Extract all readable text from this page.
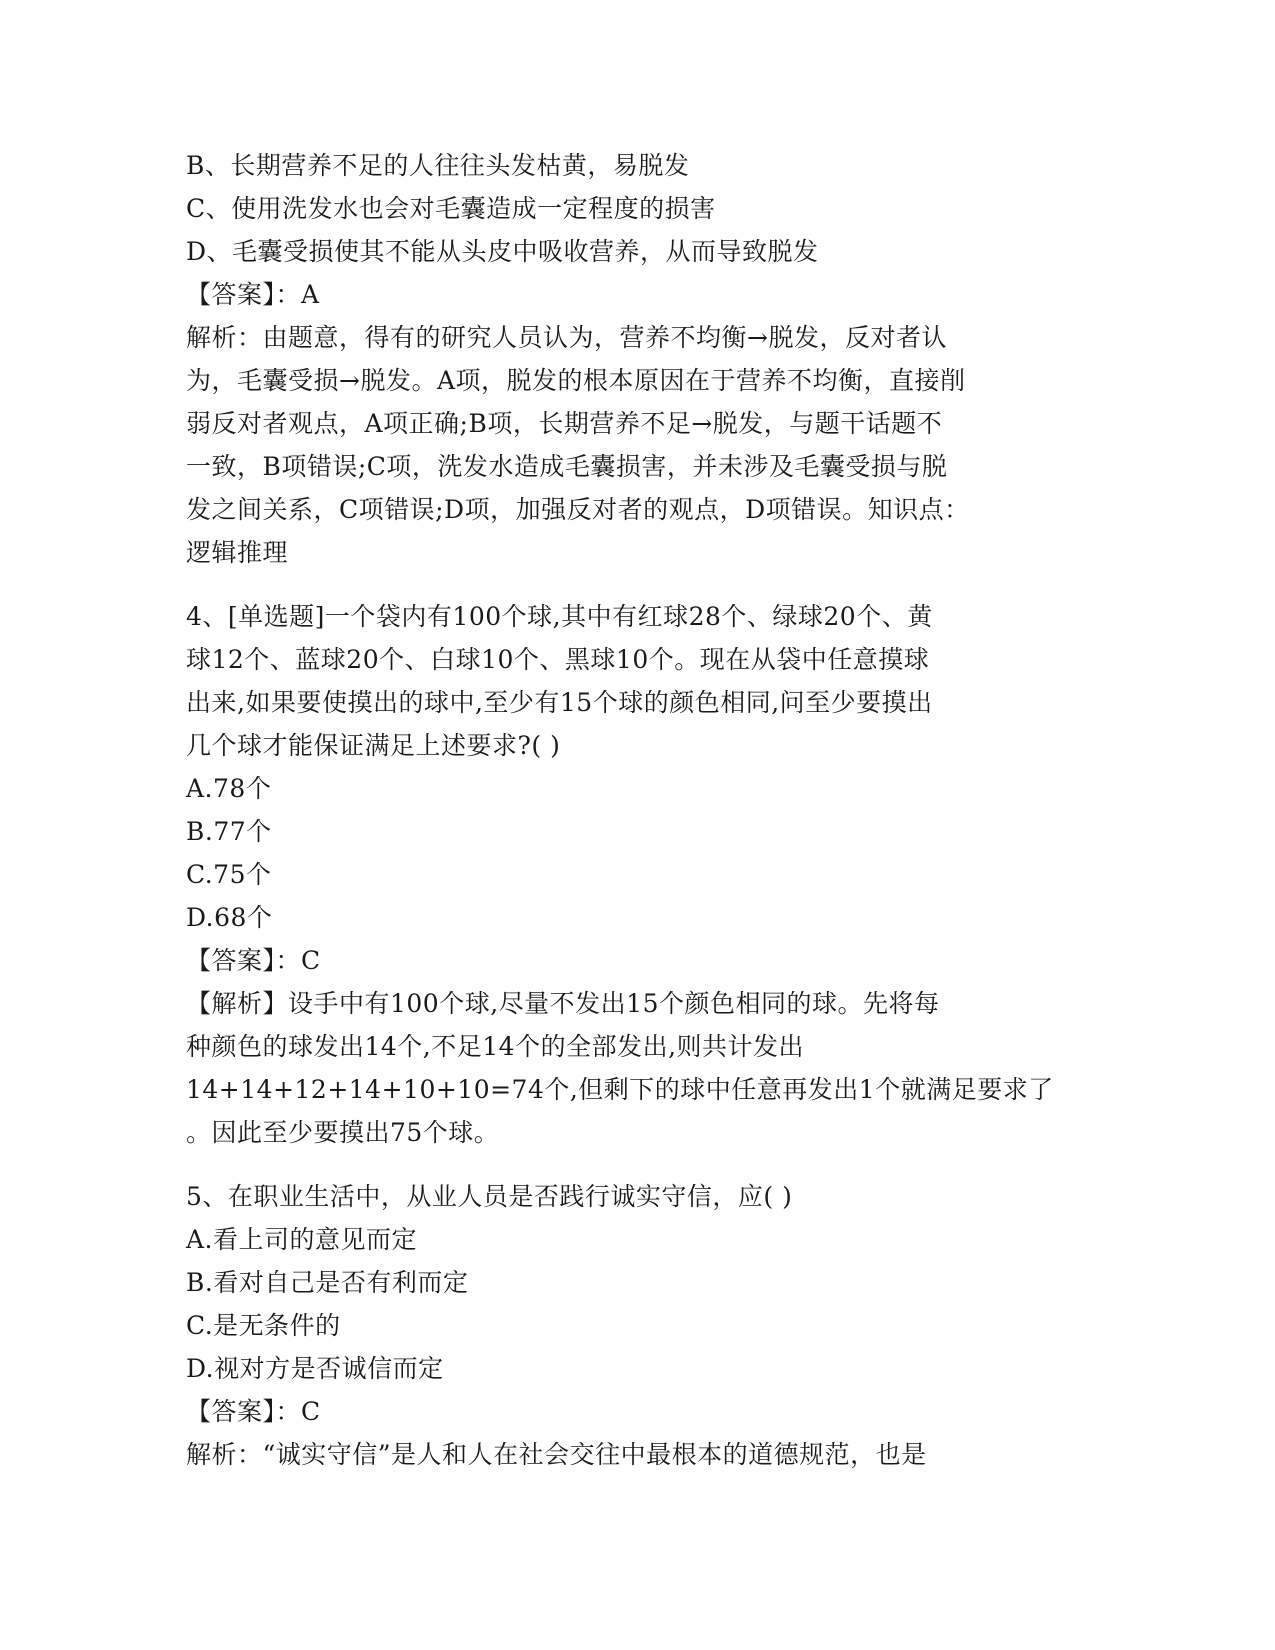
B、长期营养不足的人往往头发枯黄，易脱发
C、使用洗发水也会对毛囊造成一定程度的损害
D、毛囊受损使其不能从头皮中吸收营养，从而导致脱发
【答案】：A
解析：由题意，得有的研究人员认为，营养不均衡→脱发，反对者认
为，毛囊受损→脱发。A项，脱发的根本原因在于营养不均衡，直接削
弱反对者观点，A项正确;B项，长期营养不足→脱发，与题干话题不
一致，B项错误;C项，洗发水造成毛囊损害，并未涉及毛囊受损与脱
发之间关系，C项错误;D项，加强反对者的观点，D项错误。知识点：
逻辑推理
4、[单选题]一个袋内有100个球,其中有红球28个、绿球20个、黄
球12个、蓝球20个、白球10个、黑球10个。现在从袋中任意摸球
出来,如果要使摸出的球中,至少有15个球的颜色相同,问至少要摸出
几个球才能保证满足上述要求?( )
A.78个
B.77个
C.75个
D.68个
【答案】：C
【解析】设手中有100个球,尽量不发出15个颜色相同的球。先将每
种颜色的球发出14个,不足14个的全部发出,则共计发出
14+14+12+14+10+10=74个,但剩下的球中任意再发出1个就满足要求了
。因此至少要摸出75个球。
5、在职业生活中，从业人员是否践行诚实守信，应( )
A.看上司的意见而定
B.看对自己是否有利而定
C.是无条件的
D.视对方是否诚信而定
【答案】：C
解析：“诚实守信”是人和人在社会交往中最根本的道德规范，也是
